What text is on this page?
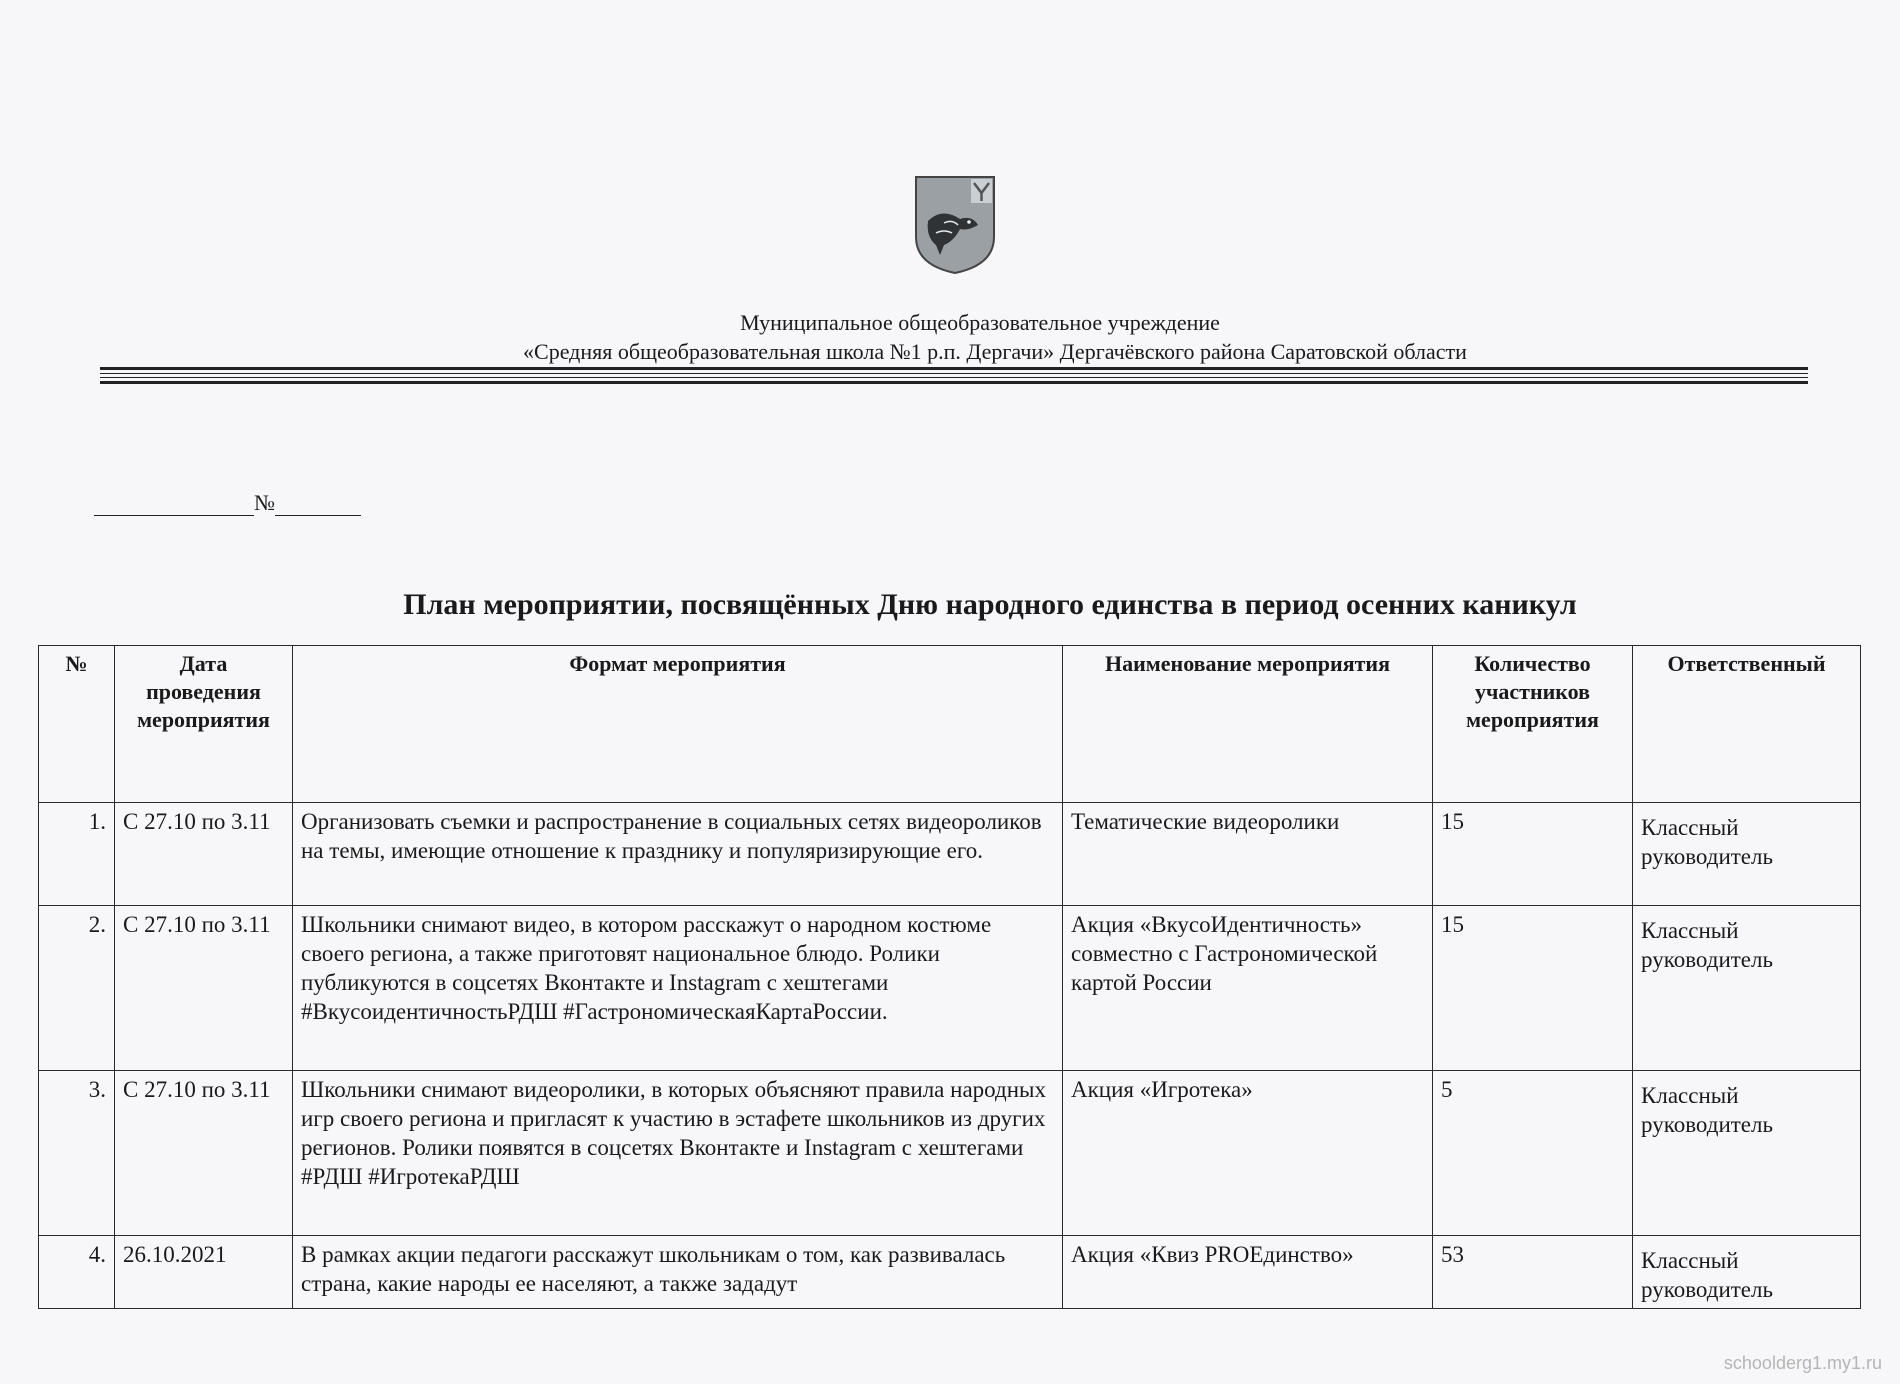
Муниципальное общеобразовательное учреждение
«Средняя общеобразовательная школа №1 р.п. Дергачи» Дергачёвского района Саратовской области
№
План мероприятии, посвящённых Дню народного единства в период осенних каникул
№	Дата проведения мероприятия	Формат мероприятия	Наименование мероприятия	Количество участников мероприятия	Ответственный
1.	С 27.10 по 3.11	Организовать съемки и распространение в социальных сетях видеороликов на темы, имеющие отношение к празднику и популяризирующие его.	Тематические видеоролики	15	Классный руководитель
2.	С 27.10 по 3.11	Школьники снимают видео, в котором расскажут о народном костюме своего региона, а также приготовят национальное блюдо. Ролики публикуются в соцсетях Вконтакте и Instagram с хештегами #ВкусоидентичностьРДШ #ГастрономическаяКартаРоссии.	Акция «ВкусоИдентичность» совместно с Гастрономической картой России	15	Классный руководитель
3.	С 27.10 по 3.11	Школьники снимают видеоролики, в которых объясняют правила народных игр своего региона и пригласят к участию в эстафете школьников из других регионов. Ролики появятся в соцсетях Вконтакте и Instagram с хештегами #РДШ #ИгротекаРДШ	Акция «Игротека»	5	Классный руководитель
4.	26.10.2021	В рамках акции педагоги расскажут школьникам о том, как развивалась страна, какие народы ее населяют, а также зададут	Акция «Квиз PROЕдинство»	53	Классный руководитель
schoolderg1.my1.ru
